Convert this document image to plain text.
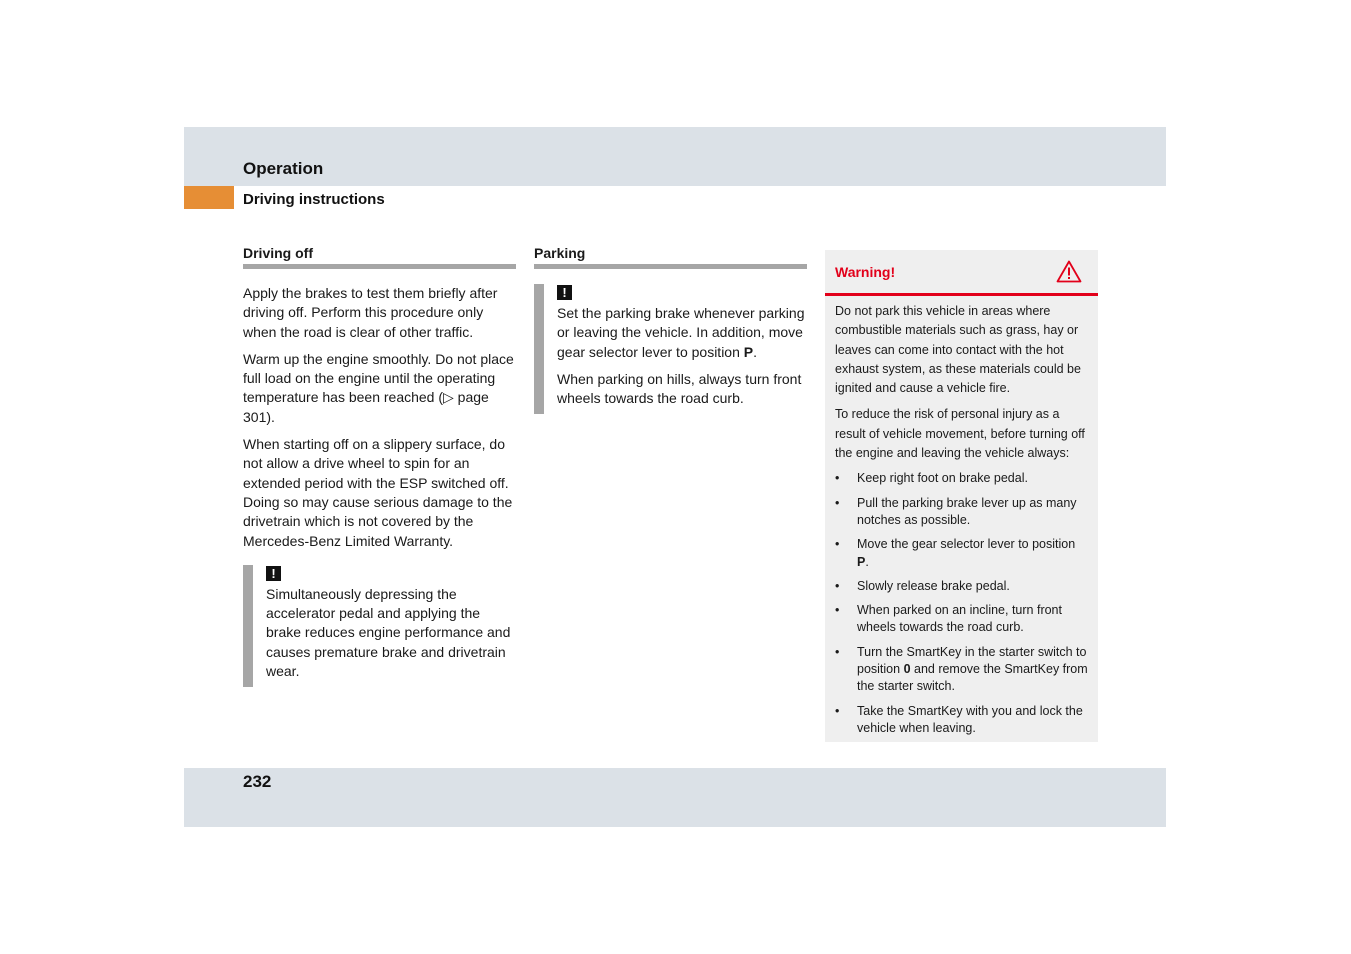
Operation
Driving instructions
Driving off

Apply the brakes to test them briefly after driving off. Perform this procedure only when the road is clear of other traffic.

Warm up the engine smoothly. Do not place full load on the engine until the operating temperature has been reached (▷ page 301).

When starting off on a slippery surface, do not allow a drive wheel to spin for an extended period with the ESP switched off. Doing so may cause serious damage to the drivetrain which is not covered by the Mercedes-Benz Limited Warranty.

!

Simultaneously depressing the accelerator pedal and applying the brake reduces engine performance and causes premature brake and drivetrain wear.

Parking
!

Set the parking brake whenever parking or leaving the vehicle. In addition, move gear selector lever to position P.

When parking on hills, always turn front wheels towards the road curb.

Warning!

Do not park this vehicle in areas where combustible materials such as grass, hay or leaves can come into contact with the hot exhaust system, as these materials could be ignited and cause a vehicle fire.

To reduce the risk of personal injury as a result of vehicle movement, before turning off the engine and leaving the vehicle always:

• Keep right foot on brake pedal.
• Pull the parking brake lever up as many notches as possible.
• Move the gear selector lever to position P.
• Slowly release brake pedal.
• When parked on an incline, turn front wheels towards the road curb.
• Turn the SmartKey in the starter switch to position 0 and remove the SmartKey from the starter switch.
• Take the SmartKey with you and lock the vehicle when leaving.
232
